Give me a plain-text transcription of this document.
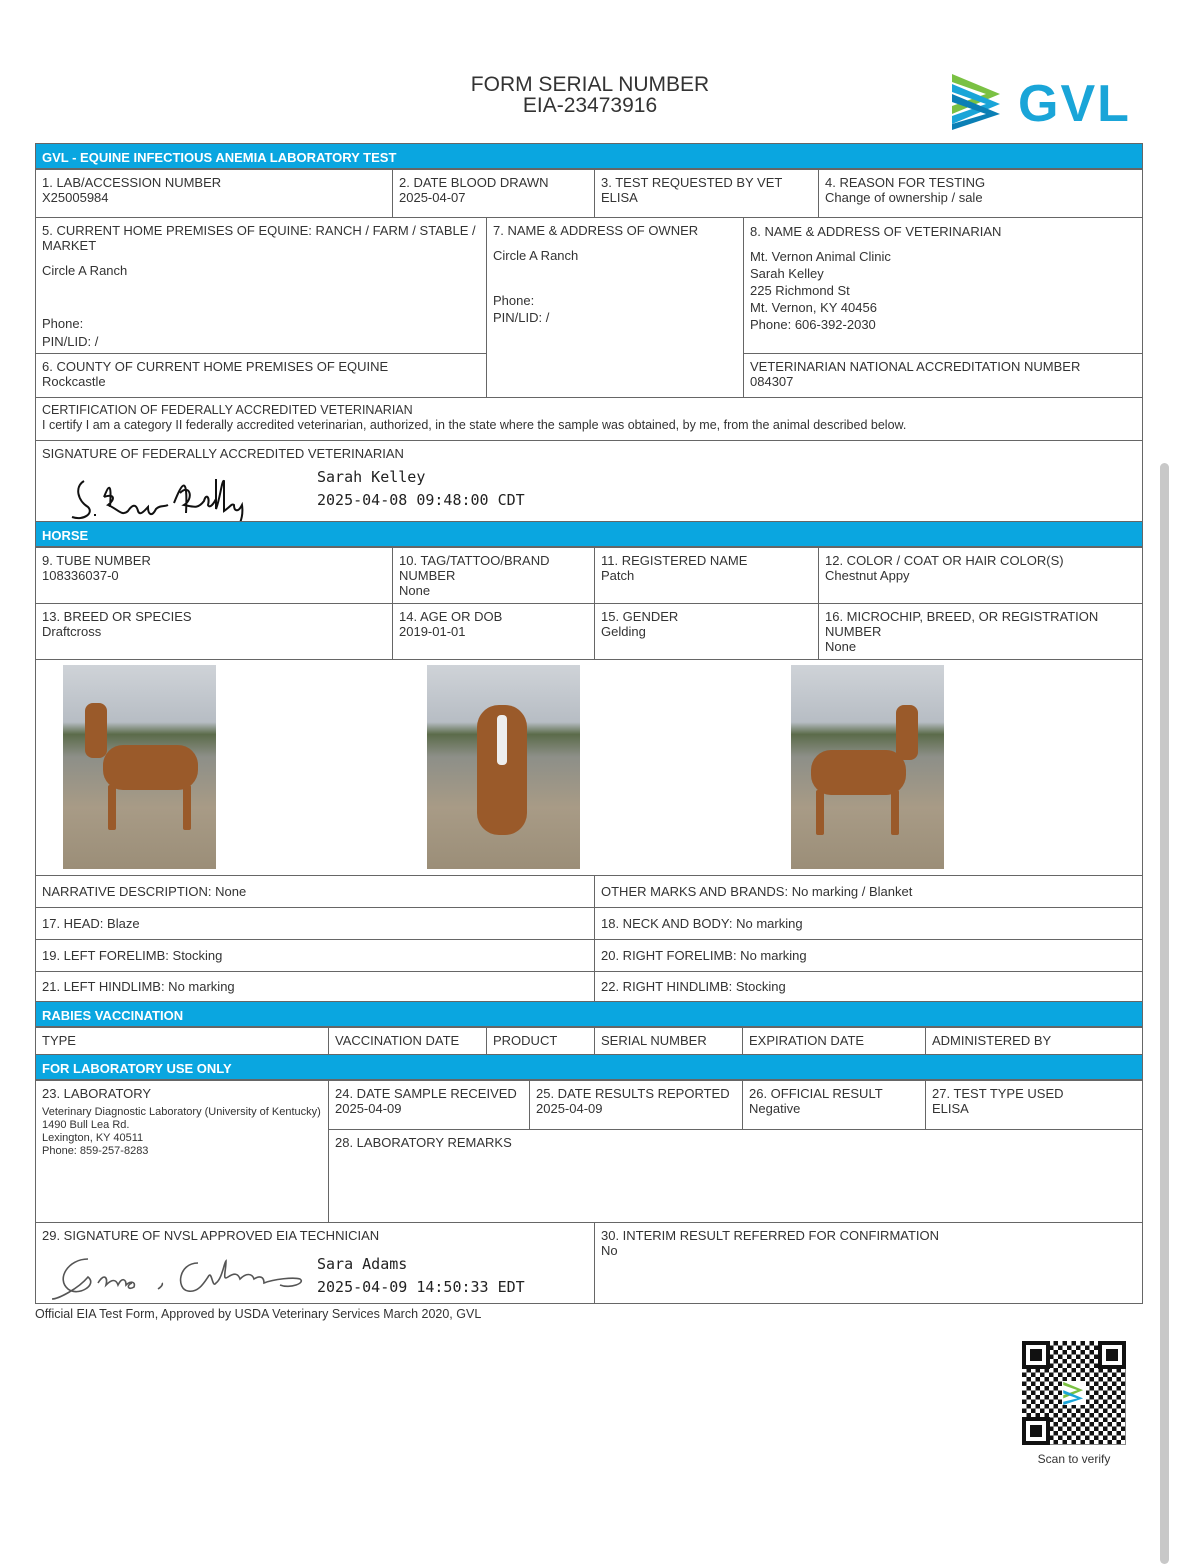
FORM SERIAL NUMBER
EIA-23473916	GVL
GVL - EQUINE INFECTIOUS ANEMIA LABORATORY TEST
1. LAB/ACCESSION NUMBER
X25005984
2. DATE BLOOD DRAWN
2025-04-07
3. TEST REQUESTED BY VET
ELISA
4. REASON FOR TESTING
Change of ownership / sale
5. CURRENT HOME PREMISES OF EQUINE: RANCH / FARM / STABLE / MARKET
Circle A Ranch
Phone:
PIN/LID: /
7. NAME & ADDRESS OF OWNER
Circle A Ranch
Phone:
PIN/LID: /
8. NAME & ADDRESS OF VETERINARIAN
Mt. Vernon Animal Clinic
Sarah Kelley
225 Richmond St
Mt. Vernon, KY 40456
Phone: 606-392-2030
6. COUNTY OF CURRENT HOME PREMISES OF EQUINE
Rockcastle
VETERINARIAN NATIONAL ACCREDITATION NUMBER
084307
CERTIFICATION OF FEDERALLY ACCREDITED VETERINARIAN
I certify I am a category II federally accredited veterinarian, authorized, in the state where the sample was obtained, by me, from the animal described below.
SIGNATURE OF FEDERALLY ACCREDITED VETERINARIAN
Sarah Kelley
2025-04-08 09:48:00 CDT
HORSE
9. TUBE NUMBER
108336037-0
10. TAG/TATTOO/BRAND NUMBER
None
11. REGISTERED NAME
Patch
12. COLOR / COAT OR HAIR COLOR(S)
Chestnut Appy
13. BREED OR SPECIES
Draftcross
14. AGE OR DOB
2019-01-01
15. GENDER
Gelding
16. MICROCHIP, BREED, OR REGISTRATION NUMBER
None
NARRATIVE DESCRIPTION: None	OTHER MARKS AND BRANDS: No marking / Blanket
17. HEAD: Blaze	18. NECK AND BODY: No marking
19. LEFT FORELIMB: Stocking	20. RIGHT FORELIMB: No marking
21. LEFT HINDLIMB: No marking	22. RIGHT HINDLIMB: Stocking
RABIES VACCINATION
TYPE	VACCINATION DATE	PRODUCT	SERIAL NUMBER	EXPIRATION DATE	ADMINISTERED BY
FOR LABORATORY USE ONLY
23. LABORATORY
Veterinary Diagnostic Laboratory (University of Kentucky)
1490 Bull Lea Rd.
Lexington, KY 40511
Phone: 859-257-8283
24. DATE SAMPLE RECEIVED
2025-04-09
25. DATE RESULTS REPORTED
2025-04-09
26. OFFICIAL RESULT
Negative
27. TEST TYPE USED
ELISA
28. LABORATORY REMARKS
29. SIGNATURE OF NVSL APPROVED EIA TECHNICIAN
Sara Adams
2025-04-09 14:50:33 EDT
30. INTERIM RESULT REFERRED FOR CONFIRMATION
No
Official EIA Test Form, Approved by USDA Veterinary Services March 2020, GVL
Scan to verify
